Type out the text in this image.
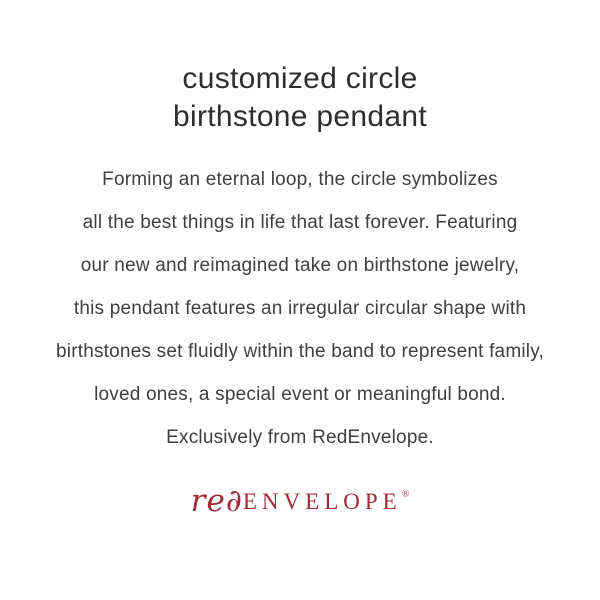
customized circle
birthstone pendant

Forming an eternal loop, the circle symbolizes

all the best things in life that last forever. Featuring

our new and reimagined take on birthstone jewelry,

this pendant features an irregular circular shape with

birthstones set fluidly within the band to represent family,

loved ones, a special event or meaningful bond.

Exclusively from RedEnvelope.

re∂ENVELOPE®
